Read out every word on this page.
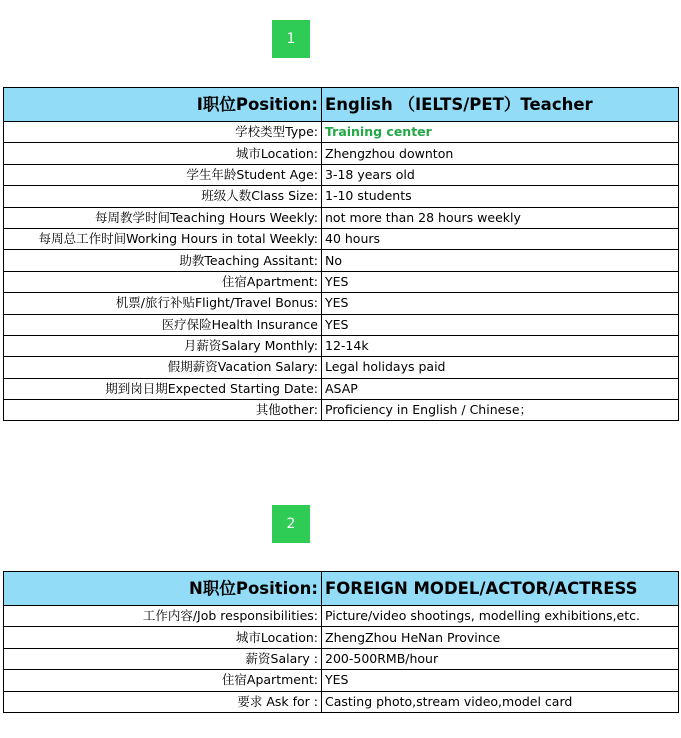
1
I职位Position:	English （IELTS/PET）Teacher
学校类型Type:	Training center
城市Location:	Zhengzhou downton
学生年龄Student Age:	3-18 years old
班级人数Class Size:	1-10 students
每周教学时间Teaching Hours Weekly:	not more than 28 hours weekly
每周总工作时间Working Hours in total Weekly:	40 hours
助教Teaching Assitant:	No
住宿Apartment:	YES
机票/旅行补贴Flight/Travel Bonus:	YES
医疗保险Health Insurance	YES
月薪资Salary Monthly:	12-14k
假期薪资Vacation Salary:	Legal holidays paid
期到岗日期Expected Starting Date:	ASAP
其他other:	Proficiency in English / Chinese；
2
N职位Position:	FOREIGN MODEL/ACTOR/ACTRESS
工作内容/Job responsibilities:	Picture/video shootings, modelling exhibitions,etc.
城市Location:	ZhengZhou HeNan Province
薪资Salary :	200-500RMB/hour
住宿Apartment:	YES
要求 Ask for :	Casting photo,stream video,model card
